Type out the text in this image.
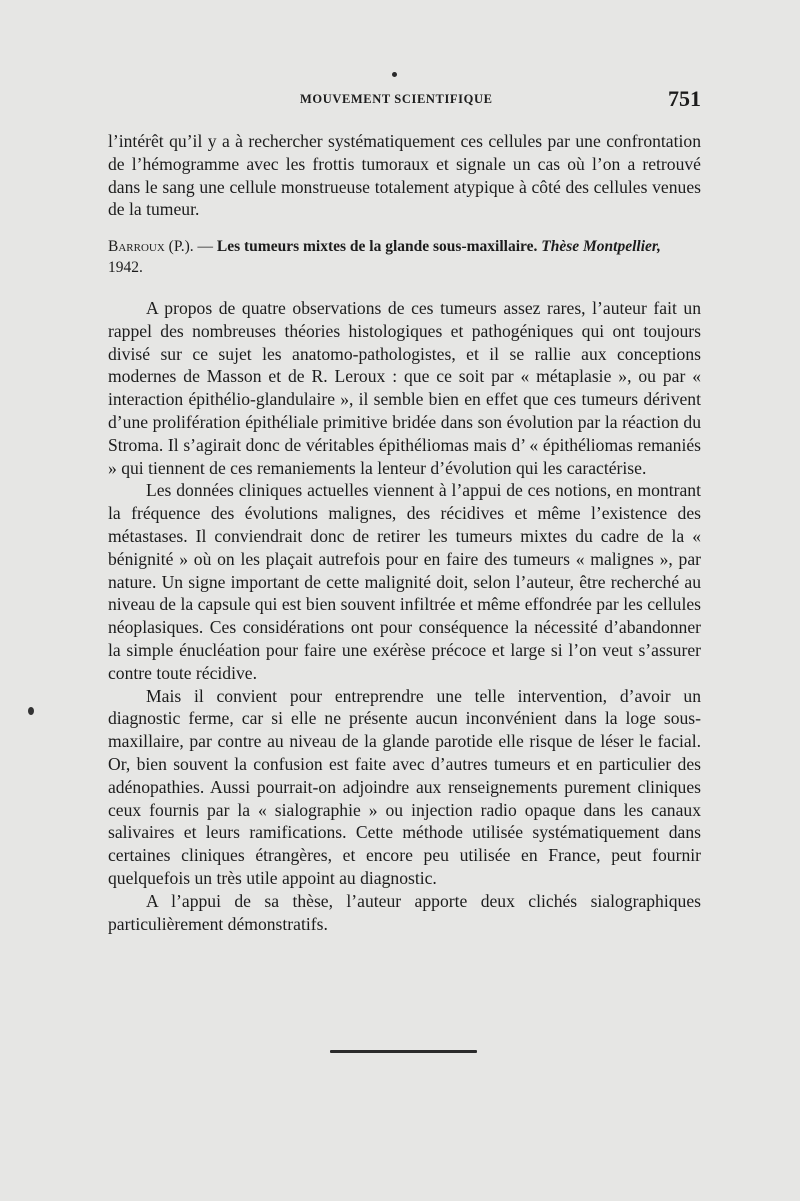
MOUVEMENT SCIENTIFIQUE	751

l’intérêt qu’il y a à rechercher systématiquement ces cellules par une confrontation de l’hémogramme avec les frottis tumoraux et signale un cas où l’on a retrouvé dans le sang une cellule monstrueuse totalement atypique à côté des cellules venues de la tumeur.

Barroux (P.). — Les tumeurs mixtes de la glande sous-maxillaire. Thèse Montpellier,
1942.

A propos de quatre observations de ces tumeurs assez rares, l’auteur fait un rappel des nombreuses théories histologiques et pathogéniques qui ont toujours divisé sur ce sujet les anatomo-pathologistes, et il se rallie aux conceptions modernes de Masson et de R. Leroux : que ce soit par « métaplasie », ou par « interaction épithélio-glandulaire », il semble bien en effet que ces tumeurs dérivent d’une prolifération épithéliale primitive bridée dans son évolution par la réaction du Stroma. Il s’agirait donc de véritables épithéliomas mais d’ « épithéliomas remaniés » qui tiennent de ces remaniements la lenteur d’évolution qui les caractérise.

Les données cliniques actuelles viennent à l’appui de ces notions, en montrant la fréquence des évolutions malignes, des récidives et même l’existence des métastases. Il conviendrait donc de retirer les tumeurs mixtes du cadre de la « bénignité » où on les plaçait autrefois pour en faire des tumeurs « malignes », par nature. Un signe important de cette malignité doit, selon l’auteur, être recherché au niveau de la capsule qui est bien souvent infiltrée et même effondrée par les cellules néoplasiques. Ces considérations ont pour conséquence la nécessité d’abandonner la simple énucléation pour faire une exérèse précoce et large si l’on veut s’assurer contre toute récidive.

Mais il convient pour entreprendre une telle intervention, d’avoir un diagnostic ferme, car si elle ne présente aucun inconvénient dans la loge sous-maxillaire, par contre au niveau de la glande parotide elle risque de léser le facial. Or, bien souvent la confusion est faite avec d’autres tumeurs et en particulier des adénopathies. Aussi pourrait-on adjoindre aux renseignements purement cliniques ceux fournis par la « sialographie » ou injection radio opaque dans les canaux salivaires et leurs ramifications. Cette méthode utilisée systématiquement dans certaines cliniques étrangères, et encore peu utilisée en France, peut fournir quelquefois un très utile appoint au diagnostic.

A l’appui de sa thèse, l’auteur apporte deux clichés sialographiques particulièrement démonstratifs.
